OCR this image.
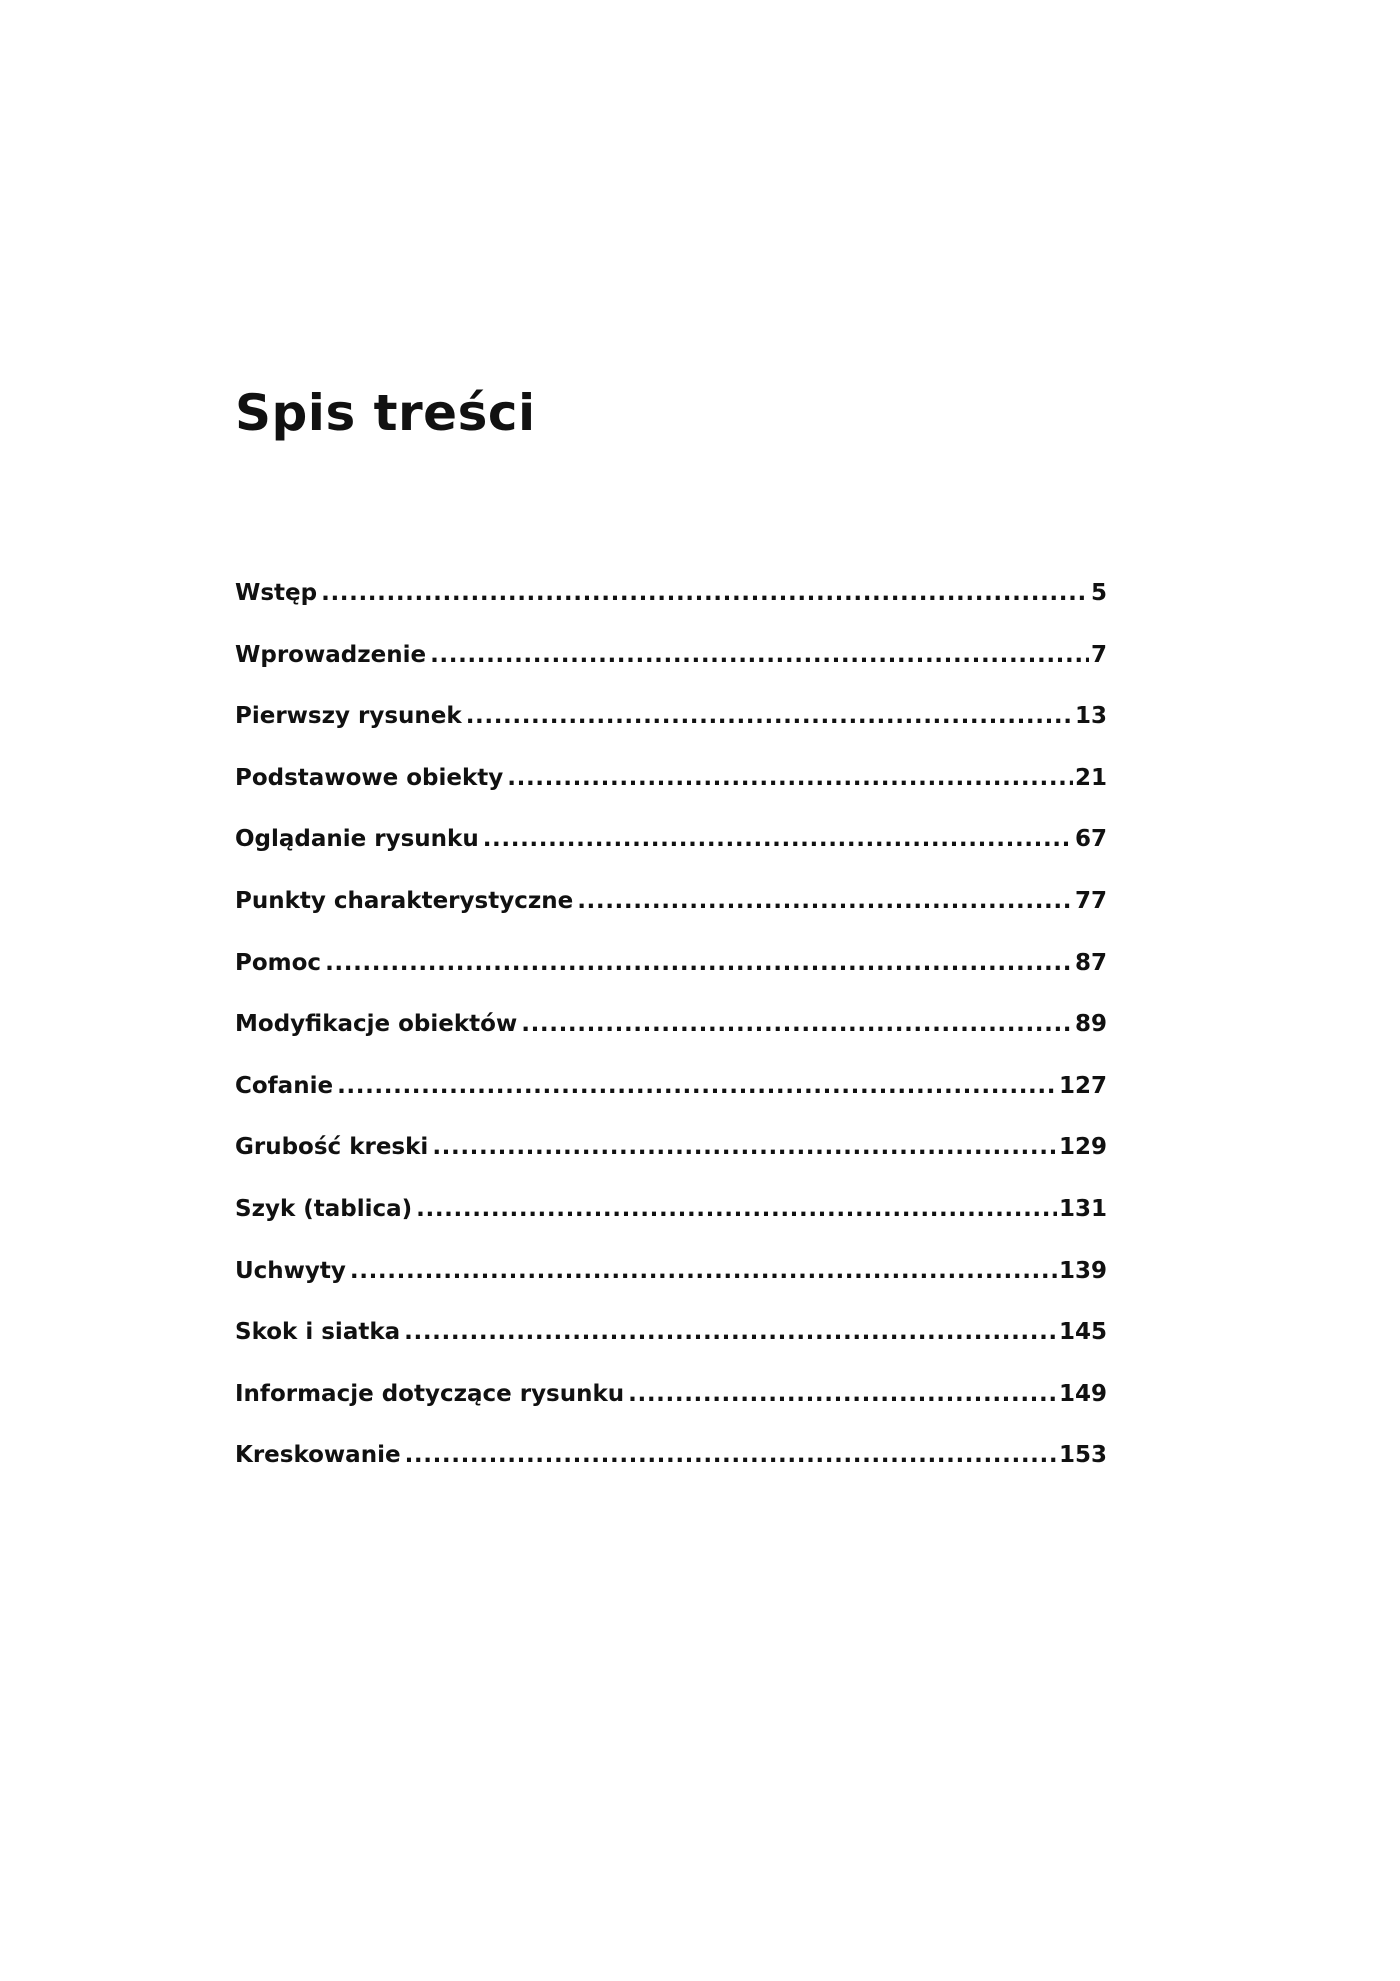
Spis treści
Wstęp .....	5
Wprowadzenie .....	7
Pierwszy rysunek .....	13
Podstawowe obiekty .....	21
Oglądanie rysunku .....	67
Punkty charakterystyczne .....	77
Pomoc .....	87
Modyfikacje obiektów .....	89
Cofanie .....	127
Grubość kreski .....	129
Szyk (tablica) .....	131
Uchwyty .....	139
Skok i siatka .....	145
Informacje dotyczące rysunku .....	149
Kreskowanie .....	153
